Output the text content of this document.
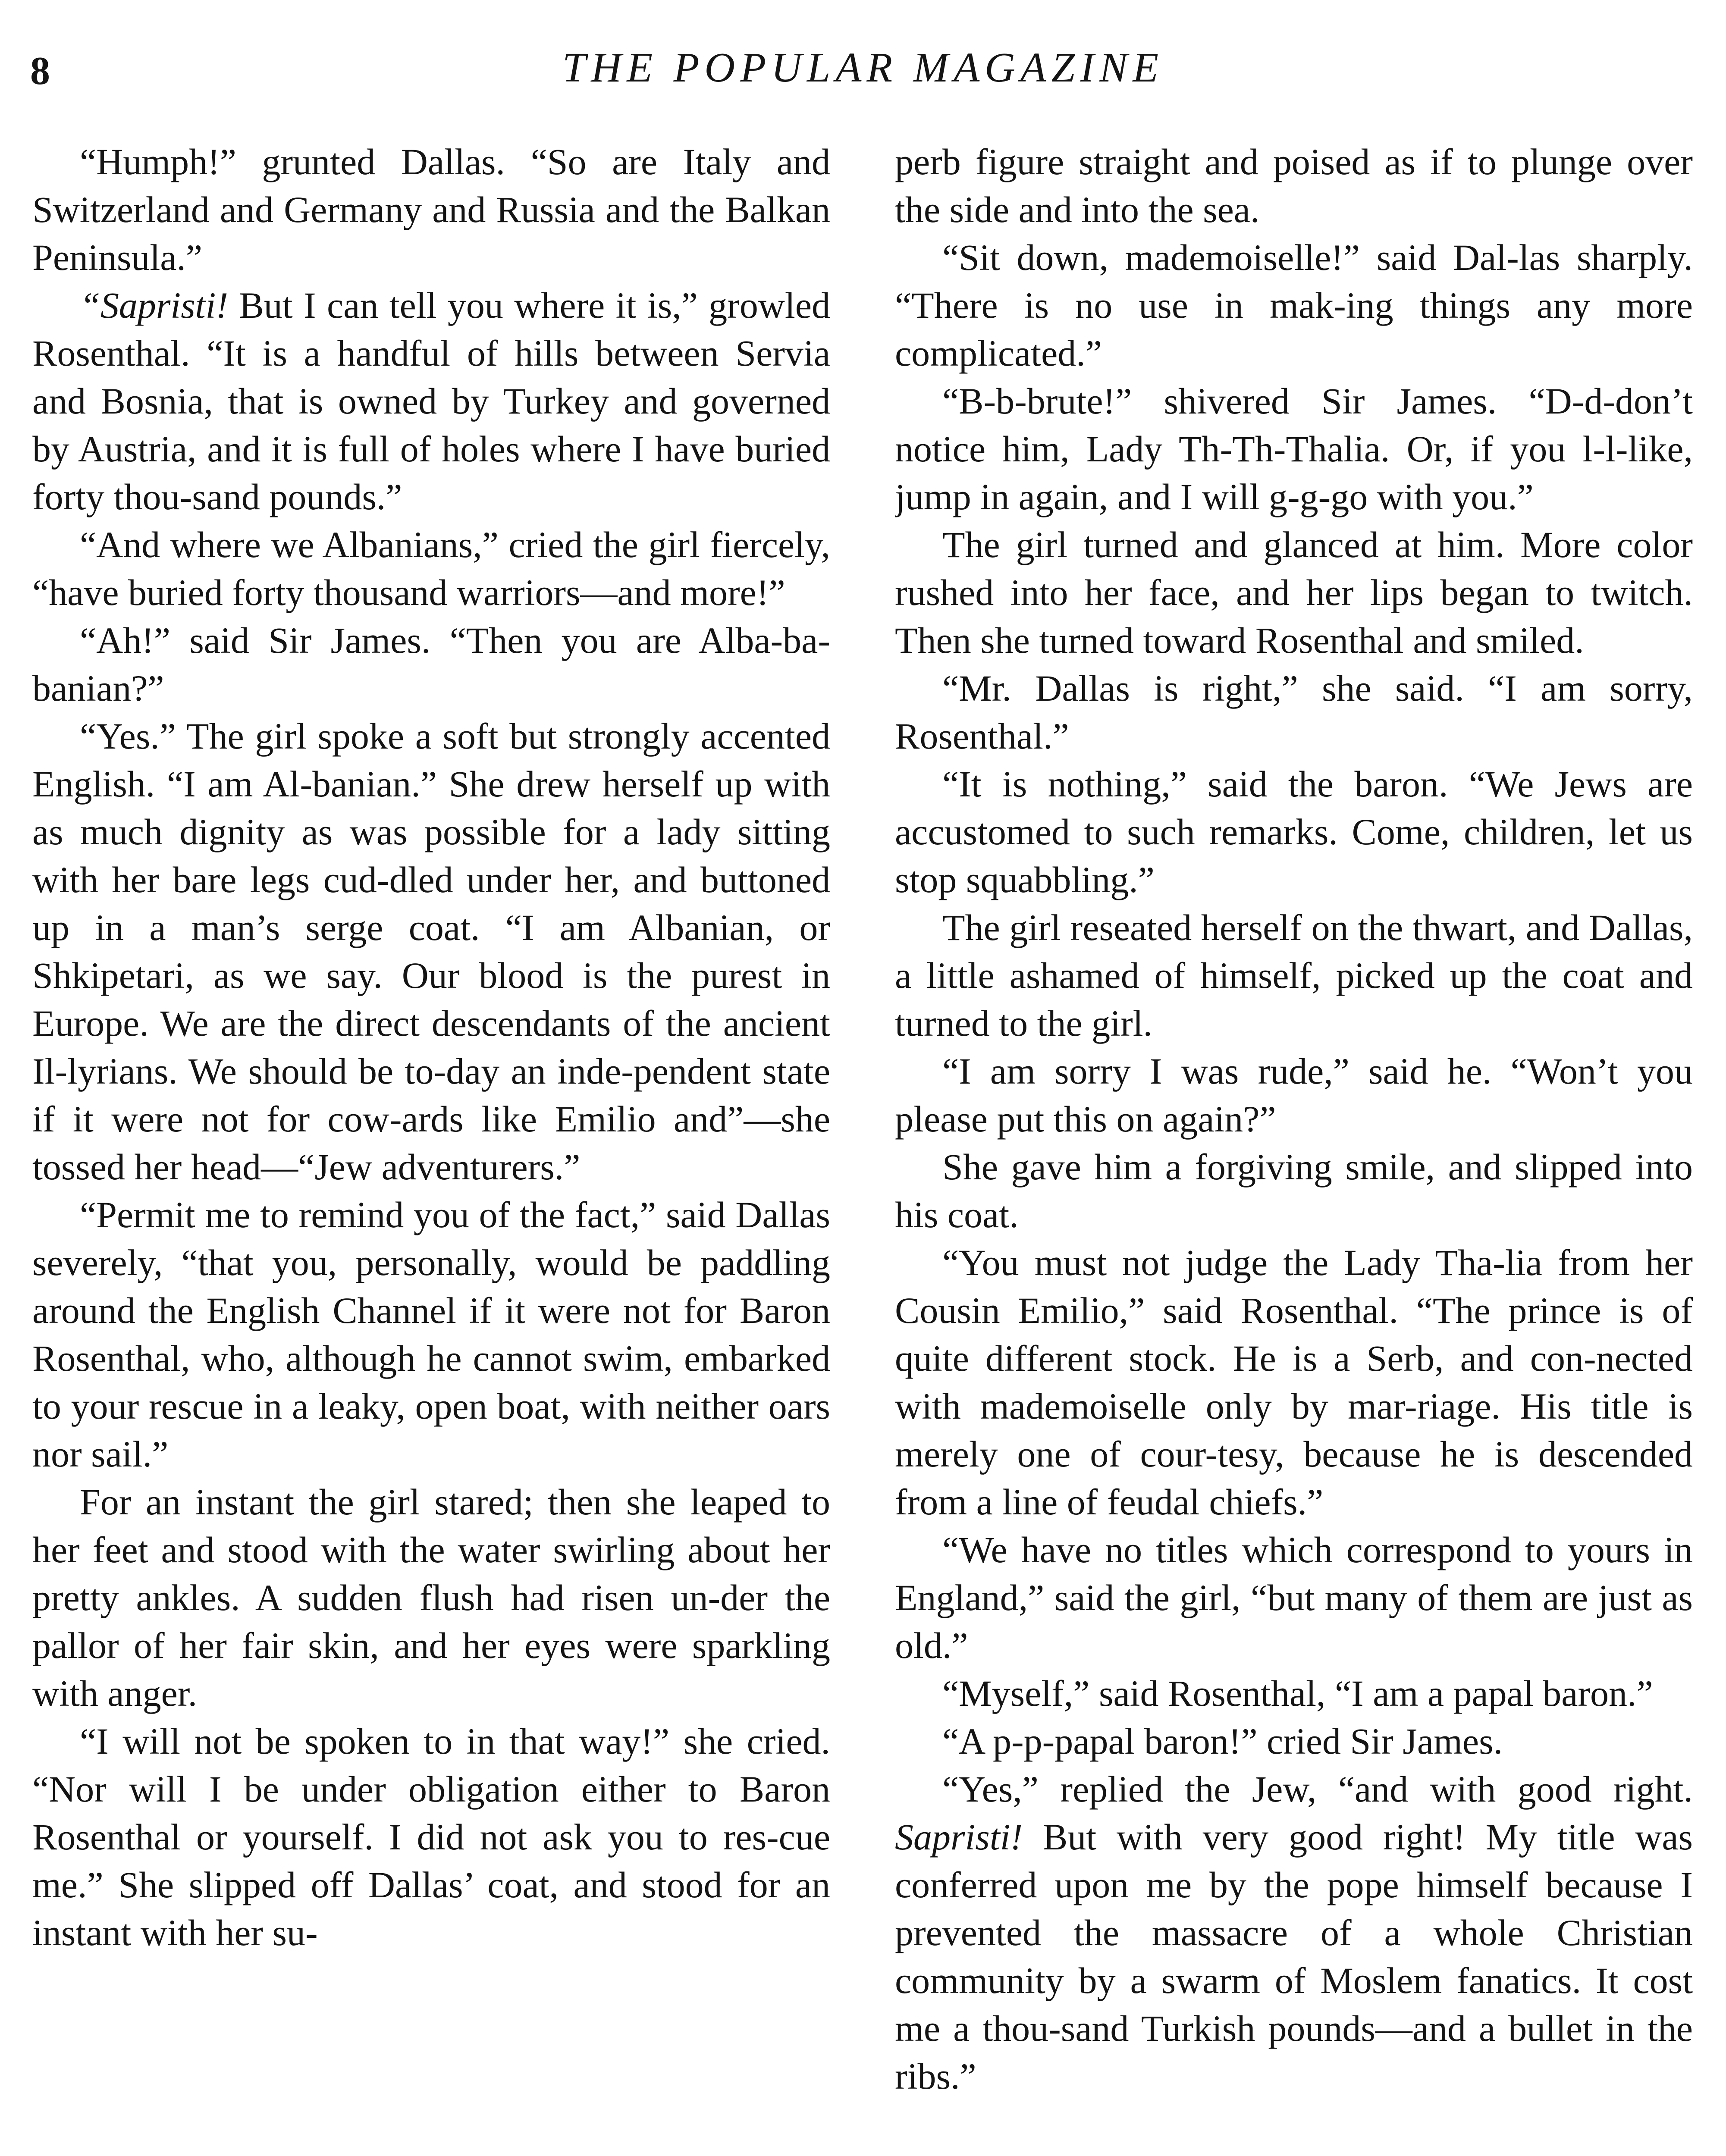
8	THE POPULAR MAGAZINE

“Humph!” grunted Dallas. “So are Italy and Switzerland and Germany and Russia and the Balkan Peninsula.”

“Sapristi! But I can tell you where it is,” growled Rosenthal. “It is a handful of hills between Servia and Bosnia, that is owned by Turkey and governed by Austria, and it is full of holes where I have buried forty thou-sand pounds.”

“And where we Albanians,” cried the girl fiercely, “have buried forty thousand warriors—and more!”

“Ah!” said Sir James. “Then you are Alba-ba-banian?”

“Yes.” The girl spoke a soft but strongly accented English. “I am Al-banian.” She drew herself up with as much dignity as was possible for a lady sitting with her bare legs cud-dled under her, and buttoned up in a man’s serge coat. “I am Albanian, or Shkipetari, as we say. Our blood is the purest in Europe. We are the direct descendants of the ancient Il-lyrians. We should be to-day an inde-pendent state if it were not for cow-ards like Emilio and”—she tossed her head—“Jew adventurers.”

“Permit me to remind you of the fact,” said Dallas severely, “that you, personally, would be paddling around the English Channel if it were not for Baron Rosenthal, who, although he cannot swim, embarked to your rescue in a leaky, open boat, with neither oars nor sail.”

For an instant the girl stared; then she leaped to her feet and stood with the water swirling about her pretty ankles. A sudden flush had risen un-der the pallor of her fair skin, and her eyes were sparkling with anger.

“I will not be spoken to in that way!” she cried. “Nor will I be under obligation either to Baron Rosenthal or yourself. I did not ask you to res-cue me.” She slipped off Dallas’ coat, and stood for an instant with her su-

perb figure straight and poised as if to plunge over the side and into the sea.

“Sit down, mademoiselle!” said Dal-las sharply. “There is no use in mak-ing things any more complicated.”

“B-b-brute!” shivered Sir James. “D-d-don’t notice him, Lady Th-Th-Thalia. Or, if you l-l-like, jump in again, and I will g-g-go with you.”

The girl turned and glanced at him. More color rushed into her face, and her lips began to twitch. Then she turned toward Rosenthal and smiled.

“Mr. Dallas is right,” she said. “I am sorry, Rosenthal.”

“It is nothing,” said the baron. “We Jews are accustomed to such remarks. Come, children, let us stop squabbling.”

The girl reseated herself on the thwart, and Dallas, a little ashamed of himself, picked up the coat and turned to the girl.

“I am sorry I was rude,” said he. “Won’t you please put this on again?”

She gave him a forgiving smile, and slipped into his coat.

“You must not judge the Lady Tha-lia from her Cousin Emilio,” said Rosenthal. “The prince is of quite different stock. He is a Serb, and con-nected with mademoiselle only by mar-riage. His title is merely one of cour-tesy, because he is descended from a line of feudal chiefs.”

“We have no titles which correspond to yours in England,” said the girl, “but many of them are just as old.”

“Myself,” said Rosenthal, “I am a papal baron.”

“A p-p-papal baron!” cried Sir James.

“Yes,” replied the Jew, “and with good right. Sapristi! But with very good right! My title was conferred upon me by the pope himself because I prevented the massacre of a whole Christian community by a swarm of Moslem fanatics. It cost me a thou-sand Turkish pounds—and a bullet in the ribs.”
